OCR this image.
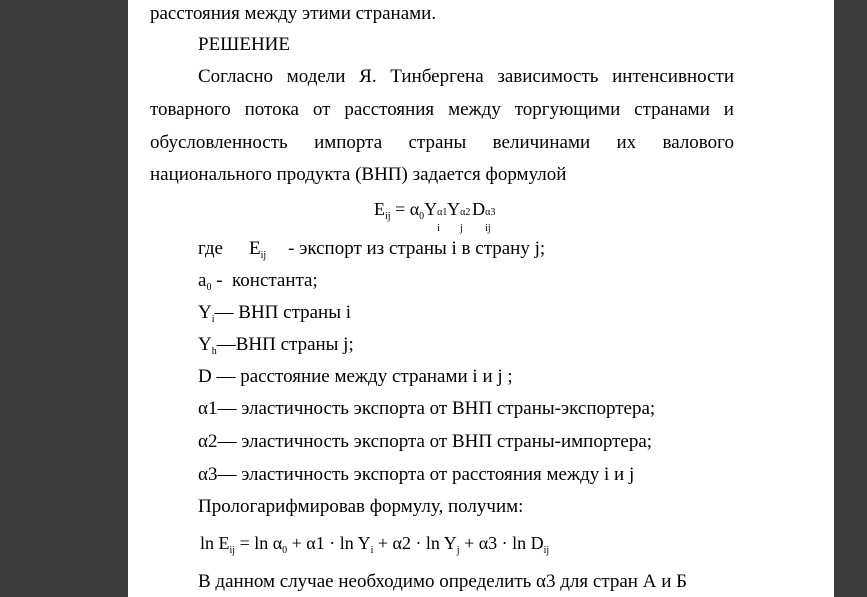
расстояния между этими странами.
РЕШЕНИЕ
Согласно модели Я. Тинбергена зависимость интенсивности
товарного потока от расстояния между торгующими странами и
обусловленность импорта страны величинами их валового
национального продукта (ВНП) задается формулой
$E_{ij} = \alpha_0Y$ α1
i
Y α2
j
D α3
ij
где $E_{ij}$ - экспорт из страны i в страну j;
$a_0$ -  константа;
$Y_i—$ ВНП страны i
$Y_h—ВНП$ страны j;
D — расстояние между странами i и j ;
α1— эластичность экспорта от ВНП страны-экспортера;
α2— эластичность экспорта от ВНП страны-импортера;
α3— эластичность экспорта от расстояния между i и j
Прологарифмировав формулу, получим:
$\ln E_{ij} = \ln \alpha_0 + \alpha 1 \cdot \ln Y_i + \alpha 2 \cdot \ln Y_j + \alpha 3 \cdot \ln D_{ij}$
В данном случае необходимо определить α3 для стран А и Б
